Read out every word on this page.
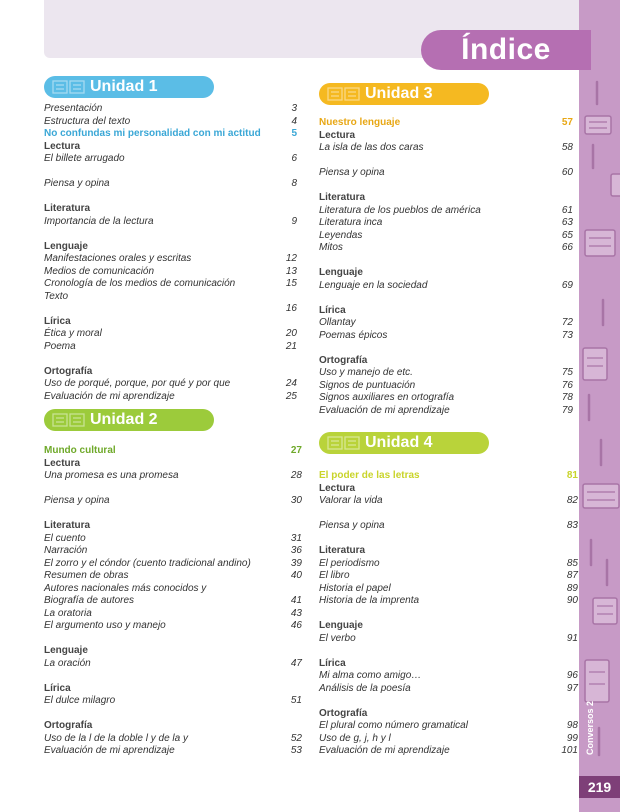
Índice
Conversos 2
219
Unidad 1
Unidad 2
Unidad 3
Unidad 4
Presentación	3
Estructura del texto	4
No confundas mi personalidad con mi actitud	5
Lectura
El billete arrugado	6
Piensa y opina	8
Literatura
Importancia de la lectura	9
Lenguaje
Manifestaciones orales y escritas	12
Medios de comunicación	13
Cronología de los medios de comunicación	15
Texto
16
Lírica
Ética y moral	20
Poema	21
Ortografía
Uso de porqué, porque, por qué y por que	24
Evaluación de mi aprendizaje	25
Mundo cultural	27
Lectura
Una promesa es una promesa	28
Piensa y opina	30
Literatura
El cuento	31
Narración	36
El zorro y el cóndor (cuento tradicional andino)	39
Resumen de obras	40
Autores nacionales más conocidos y
Biografía de autores	41
La oratoria	43
El argumento uso y manejo	46
Lenguaje
La oración	47
Lírica
El dulce milagro	51
Ortografía
Uso de la l de la doble l y de la y	52
Evaluación de mi aprendizaje	53
Nuestro lenguaje	57
Lectura
La isla de las dos caras	58
Piensa y opina	60
Literatura
Literatura de los pueblos de américa	61
Literatura inca	63
Leyendas	65
Mitos	66
Lenguaje
Lenguaje en la sociedad	69
Lírica
Ollantay	72
Poemas épicos	73
Ortografía
Uso y manejo de etc.	75
Signos de puntuación	76
Signos auxiliares en ortografía	78
Evaluación de mi aprendizaje	79
El poder de las letras	81
Lectura
Valorar la vida	82
Piensa y opina	83
Literatura
El periodismo	85
El libro	87
Historia el papel	89
Historia de la imprenta	90
Lenguaje
El verbo	91
Lírica
Mi alma como amigo…	96
Análisis de la poesía	97
Ortografía
El plural como número gramatical	98
Uso de g, j, h y l	99
Evaluación de mi aprendizaje	101
